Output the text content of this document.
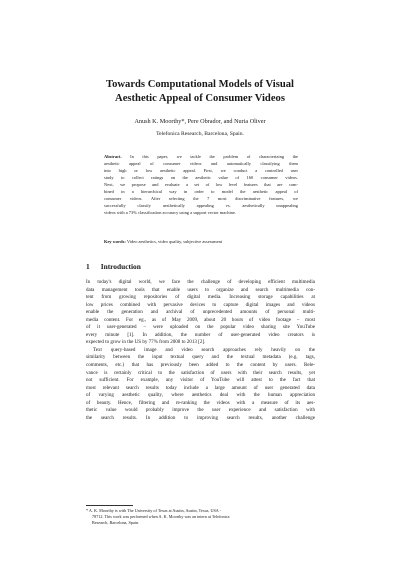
Towards Computational Models of Visual
Aesthetic Appeal of Consumer Videos
Anush K. Moorthy*, Pere Obrador, and Nuria Oliver
Telefonica Research, Barcelona, Spain.
Abstract. In this paper, we tackle the problem of characterizing the
aesthetic appeal of consumer videos and automatically classifying them
into high or low aesthetic appeal. First, we conduct a controlled user
study to collect ratings on the aesthetic value of 160 consumer videos.
Next, we propose and evaluate a set of low level features that are com-
bined in a hierarchical way in order to model the aesthetic appeal of
consumer videos. After selecting the 7 most discriminative features, we
successfully classify aesthetically appealing vs. aesthetically unappealing
videos with a 73% classification accuracy using a support vector machine.
Key words: Video aesthetics, video quality, subjective assessment
1 Introduction
In today's digital world, we face the challenge of developing efficient multimedia
data management tools that enable users to organize and search multimedia con-
tent from growing repositories of digital media. Increasing storage capabilities at
low prices combined with pervasive devices to capture digital images and videos
enable the generation and archival of unprecedented amounts of personal multi-
media content. For eg., as of May 2009, about 20 hours of video footage – most
of it user-generated – were uploaded on the popular video sharing site YouTube
every minute [1]. In addition, the number of user-generated video creators is
expected to grow in the US by 77% from 2008 to 2013 [2].
Text query-based image and video search approaches rely heavily on the
similarity between the input textual query and the textual metadata (e.g. tags,
comments, etc.) that has previously been added to the content by users. Rele-
vance is certainly critical to the satisfaction of users with their search results, yet
not sufficient. For example, any visitor of YouTube will attest to the fact that
most relevant search results today include a large amount of user generated data
of varying aesthetic quality, where aesthetics deal with the human appreciation
of beauty. Hence, filtering and re-ranking the videos with a measure of its aes-
thetic value would probably improve the user experience and satisfaction with
the search results. In addition to improving search results, another challenge
* A. K. Moorthy is with The University of Texas at Austin, Austin, Texas, USA -
78712. This work was performed when A. K. Moorthy was an intern at Telefonica
Research, Barcelona, Spain.
